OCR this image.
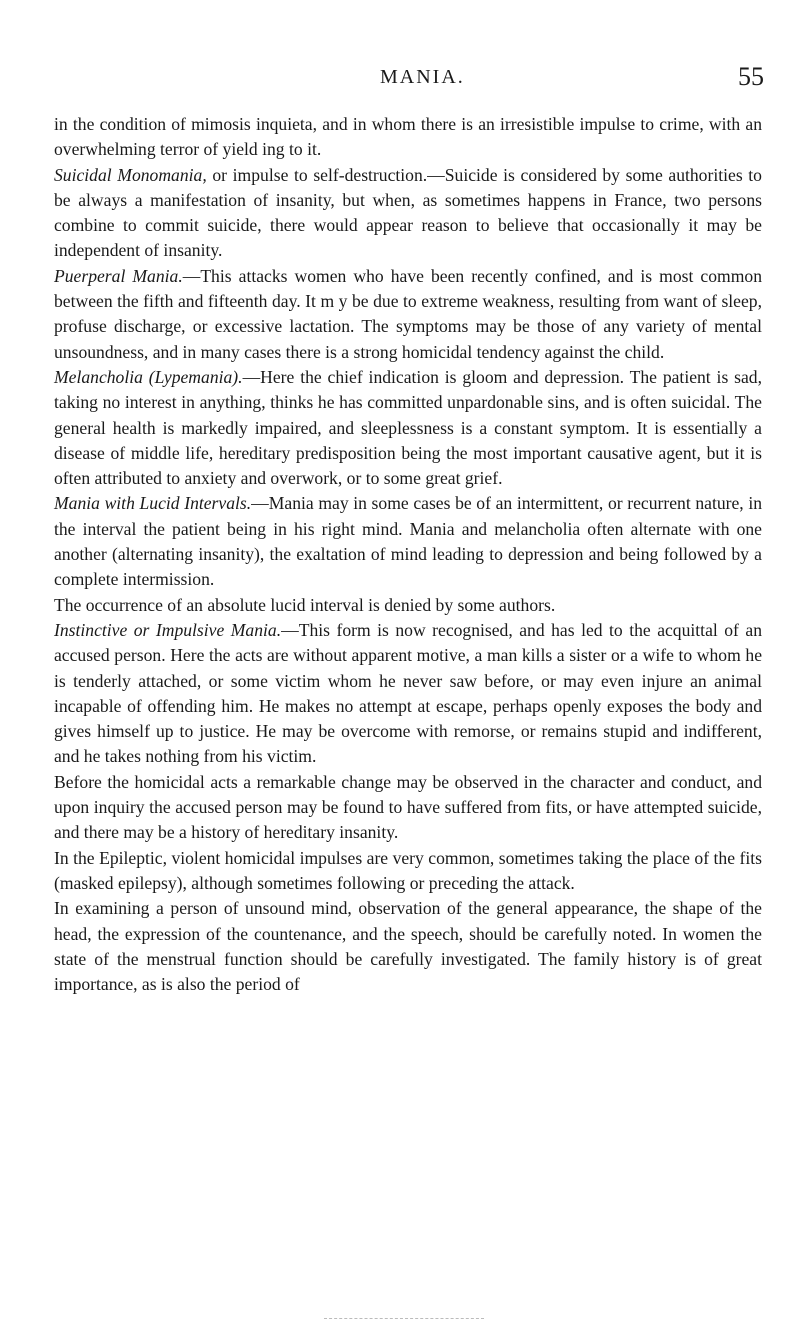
MANIA.	55

in the condition of mimosis inquieta, and in whom there is an irresistible impulse to crime, with an overwhelming terror of yield ing to it.

Suicidal Monomania, or impulse to self-destruction.—Suicide is considered by some authorities to be always a manifestation of insanity, but when, as sometimes happens in France, two persons combine to commit suicide, there would appear reason to believe that occasionally it may be independent of insanity.

Puerperal Mania.—This attacks women who have been recently confined, and is most common between the fifth and fifteenth day. It m y be due to extreme weakness, resulting from want of sleep, profuse discharge, or excessive lactation. The symptoms may be those of any variety of mental unsoundness, and in many cases there is a strong homicidal tendency against the child.

Melancholia (Lypemania).—Here the chief indication is gloom and depression. The patient is sad, taking no interest in anything, thinks he has committed unpardonable sins, and is often suicidal. The general health is markedly impaired, and sleeplessness is a constant symptom. It is essentially a disease of middle life, hereditary predisposition being the most important causative agent, but it is often attributed to anxiety and overwork, or to some great grief.

Mania with Lucid Intervals.—Mania may in some cases be of an intermittent, or recurrent nature, in the interval the patient being in his right mind. Mania and melancholia often alternate with one another (alternating insanity), the exaltation of mind leading to depression and being followed by a complete intermission.

The occurrence of an absolute lucid interval is denied by some authors.

Instinctive or Impulsive Mania.—This form is now recognised, and has led to the acquittal of an accused person. Here the acts are without apparent motive, a man kills a sister or a wife to whom he is tenderly attached, or some victim whom he never saw before, or may even injure an animal incapable of offending him. He makes no attempt at escape, perhaps openly exposes the body and gives himself up to justice. He may be overcome with remorse, or remains stupid and indifferent, and he takes nothing from his victim.

Before the homicidal acts a remarkable change may be observed in the character and conduct, and upon inquiry the accused person may be found to have suffered from fits, or have attempted suicide, and there may be a history of hereditary insanity.

In the Epileptic, violent homicidal impulses are very common, sometimes taking the place of the fits (masked epilepsy), although sometimes following or preceding the attack.

In examining a person of unsound mind, observation of the general appearance, the shape of the head, the expression of the countenance, and the speech, should be carefully noted. In women the state of the menstrual function should be carefully investigated. The family history is of great importance, as is also the period of
